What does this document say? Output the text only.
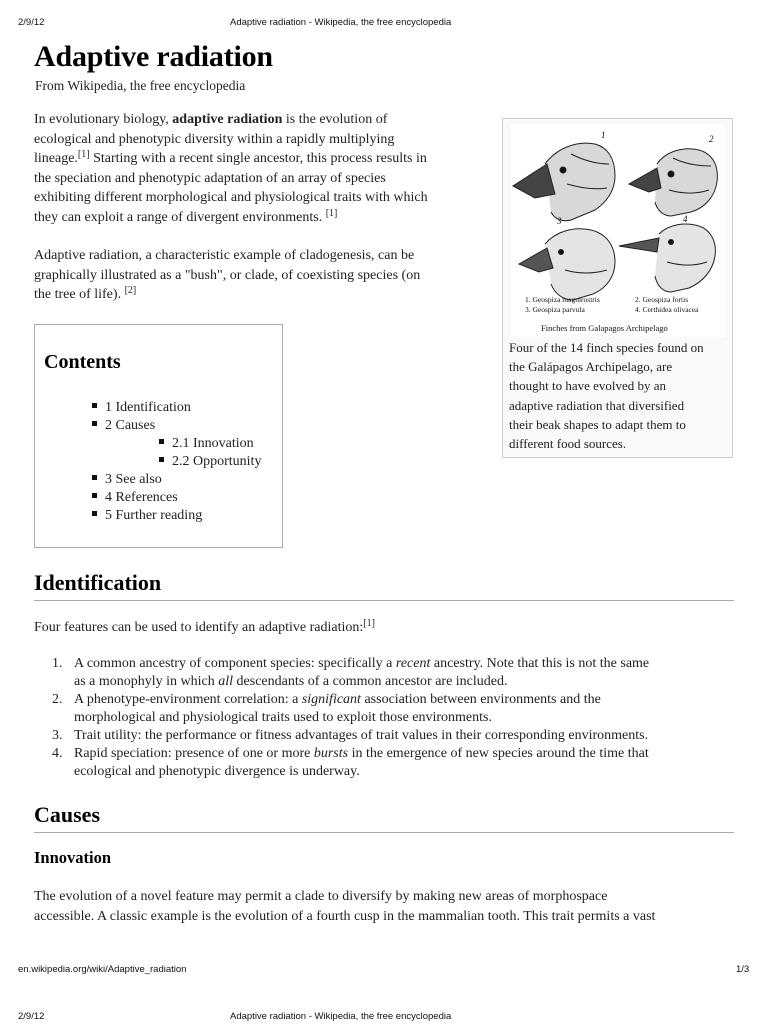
2/9/12	Adaptive radiation - Wikipedia, the free encyclopedia
Adaptive radiation
From Wikipedia, the free encyclopedia
In evolutionary biology, adaptive radiation is the evolution of
ecological and phenotypic diversity within a rapidly multiplying
lineage.[1] Starting with a recent single ancestor, this process results in
the speciation and phenotypic adaptation of an array of species
exhibiting different morphological and physiological traits with which
they can exploit a range of divergent environments. [1]
Adaptive radiation, a characteristic example of cladogenesis, can be
graphically illustrated as a "bush", or clade, of coexisting species (on
the tree of life). [2]
Contents
1 Identification
2 Causes
2.1 Innovation
2.2 Opportunity
3 See also
4 References
5 Further reading
1	2
3	4
1. Geospiza magnirostris	2. Geospiza fortis
3. Geospiza parvula	4. Certhidea olivacea
Finches from Galapagos Archipelago
Four of the 14 finch species found on
the Galápagos Archipelago, are
thought to have evolved by an
adaptive radiation that diversified
their beak shapes to adapt them to
different food sources.
Identification
Four features can be used to identify an adaptive radiation:[1]
1. A common ancestry of component species: specifically a recent ancestry. Note that this is not the same
as a monophyly in which all descendants of a common ancestor are included.
2. A phenotype-environment correlation: a significant association between environments and the
morphological and physiological traits used to exploit those environments.
3. Trait utility: the performance or fitness advantages of trait values in their corresponding environments.
4. Rapid speciation: presence of one or more bursts in the emergence of new species around the time that
ecological and phenotypic divergence is underway.
Causes
Innovation
The evolution of a novel feature may permit a clade to diversify by making new areas of morphospace
accessible. A classic example is the evolution of a fourth cusp in the mammalian tooth. This trait permits a vast
en.wikipedia.org/wiki/Adaptive_radiation	1/3
2/9/12	Adaptive radiation - Wikipedia, the free encyclopedia
